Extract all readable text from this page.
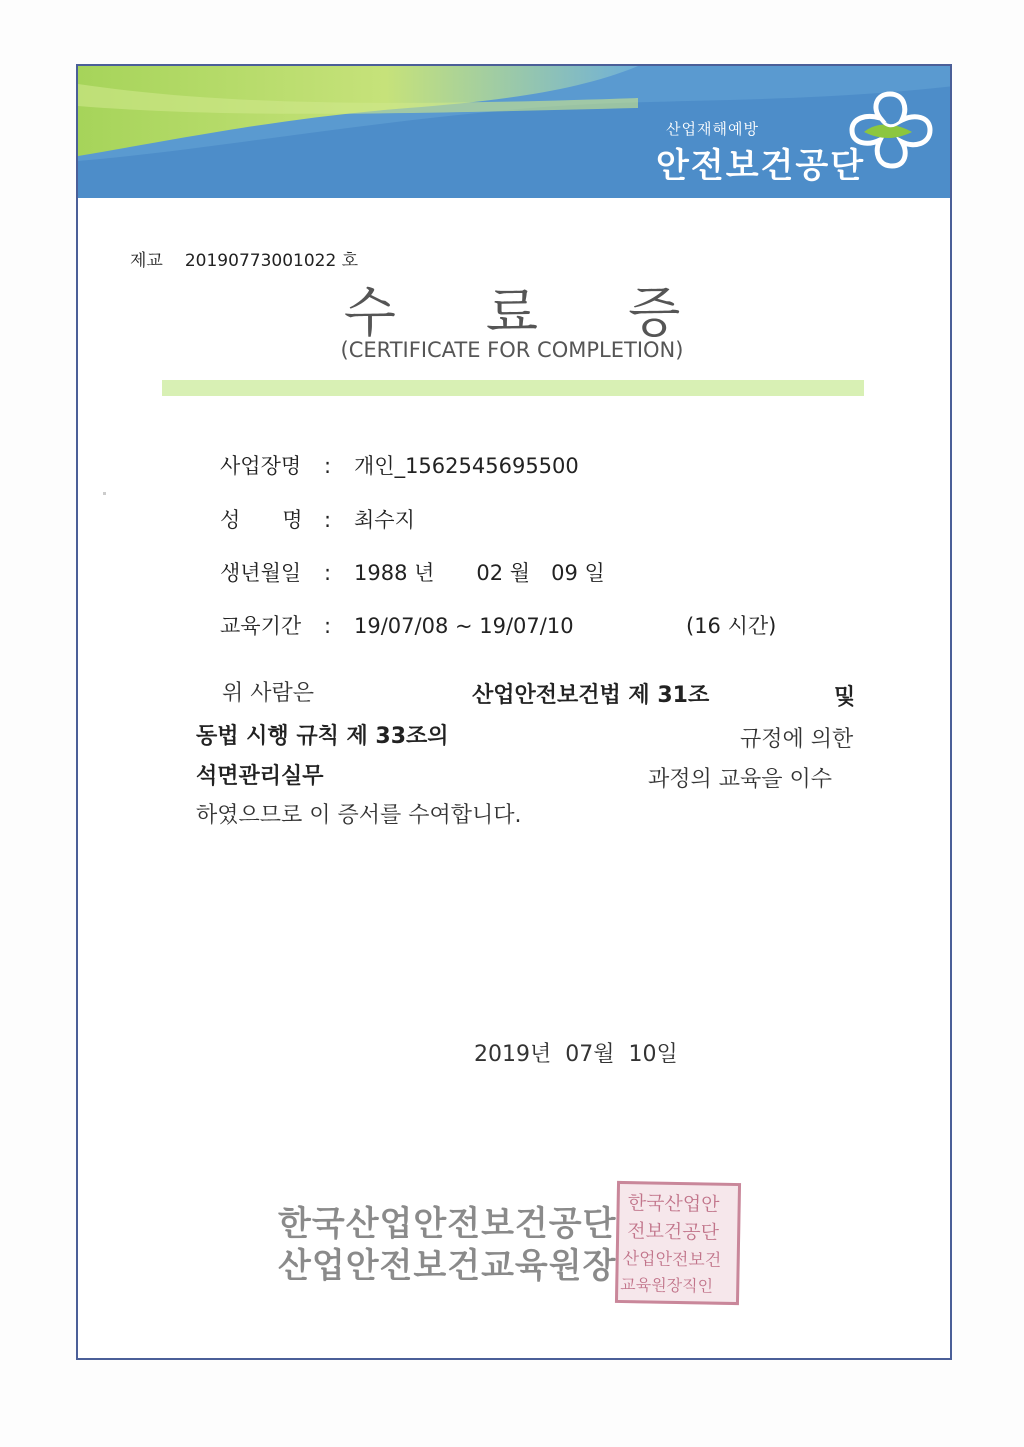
산업재해예방
안전보건공단
제교 20190773001022 호
수료증
(CERTIFICATE FOR COMPLETION)
사업장명 : 개인_1562545695500
성　　명 : 최수지
생년월일 : 1988 년　　02 월　09 일
교육기간 : 19/07/08 ~ 19/07/10	(16 시간)
위 사람은	산업안전보건법 제 31조	및
동법 시행 규칙 제 33조의	규정에 의한
석면관리실무	과정의 교육을 이수
하였으므로 이 증서를 수여합니다.
2019년  07월  10일
한국산업안전보건공단
산업안전보건교육원장
한국산업안
전보건공단
산업안전보건
교육원장직인
